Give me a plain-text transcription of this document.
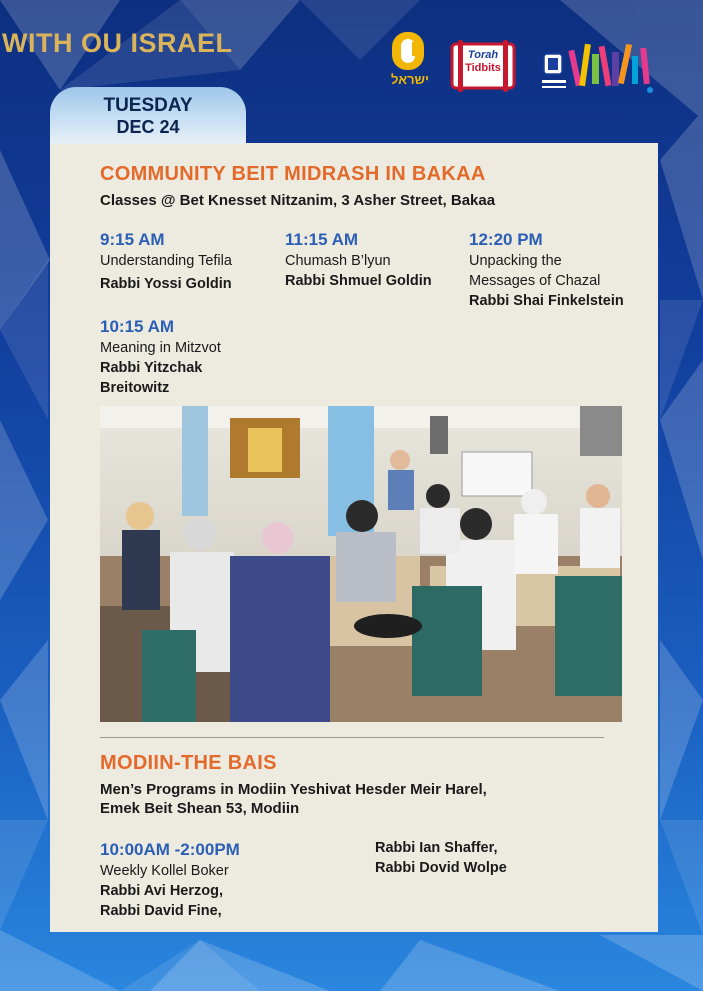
WITH OU ISRAEL
ישראל
Torah
Tidbits
TUESDAY
DEC 24
COMMUNITY BEIT MIDRASH IN BAKAA
Classes @ Bet Knesset Nitzanim, 3 Asher Street, Bakaa
9:15 AM
Understanding Tefila
Rabbi Yossi Goldin
11:15 AM
Chumash B’lyun
Rabbi Shmuel Goldin
12:20 PM
Unpacking the
Messages of Chazal
Rabbi Shai Finkelstein
10:15 AM
Meaning in Mitzvot
Rabbi Yitzchak
Breitowitz
MODIIN-THE BAIS
Men’s Programs in Modiin Yeshivat Hesder Meir Harel,
Emek Beit Shean 53, Modiin
10:00AM -2:00PM
Weekly Kollel Boker
Rabbi Avi Herzog,
Rabbi David Fine,
Rabbi Ian Shaffer,
Rabbi Dovid Wolpe
